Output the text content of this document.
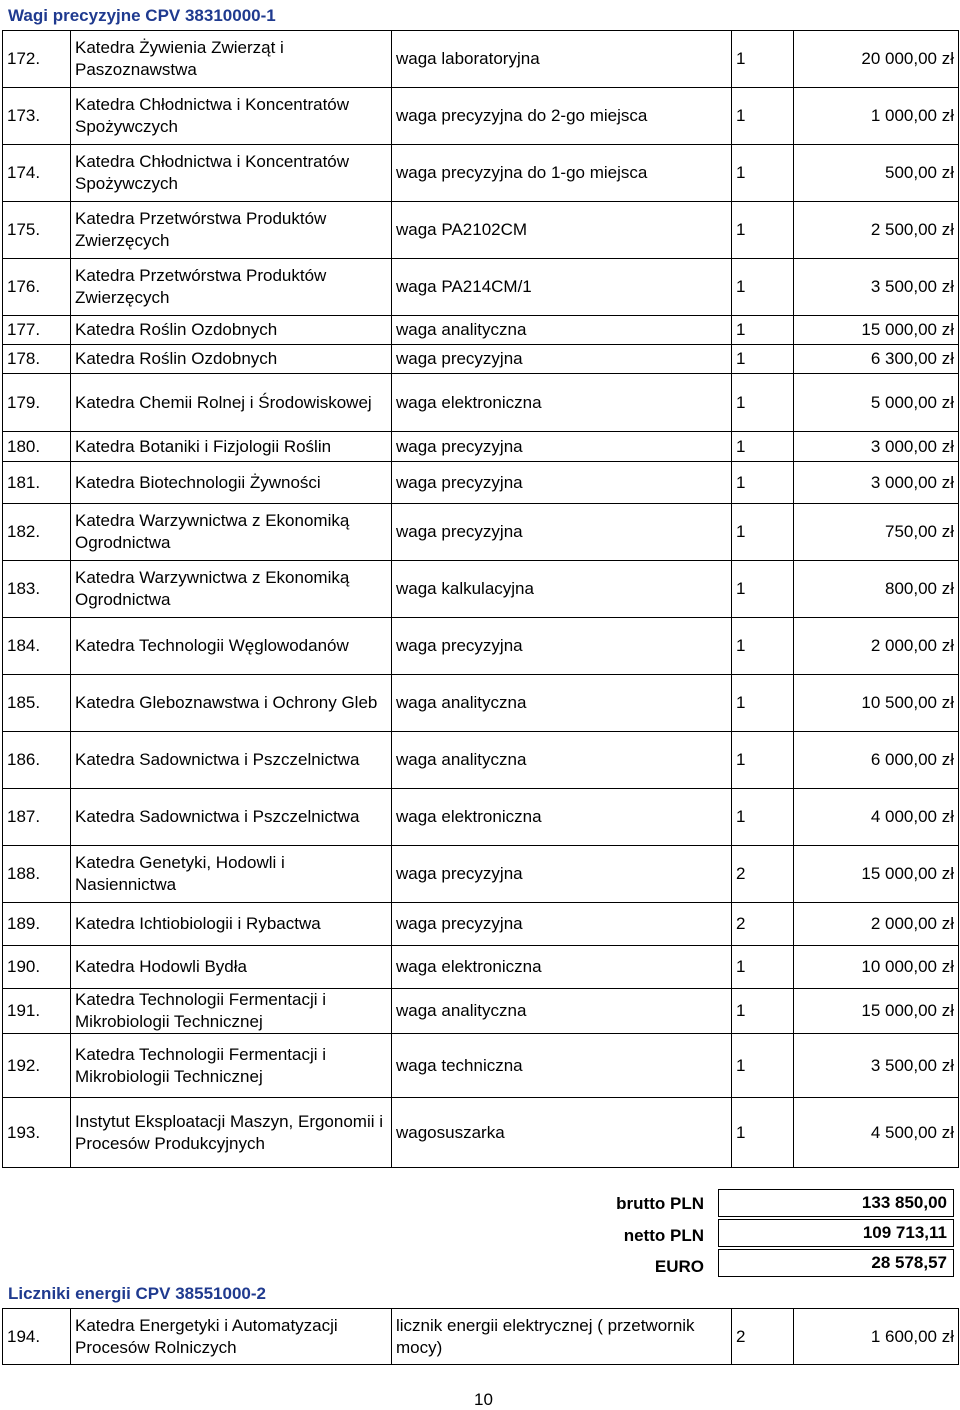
Wagi precyzyjne CPV 38310000-1
172.	Katedra Żywienia Zwierząt i Paszoznawstwa	waga laboratoryjna	1	20 000,00 zł
173.	Katedra Chłodnictwa i Koncentratów Spożywczych	waga precyzyjna do 2-go miejsca	1	1 000,00 zł
174.	Katedra Chłodnictwa i Koncentratów Spożywczych	waga precyzyjna do 1-go miejsca	1	500,00 zł
175.	Katedra Przetwórstwa Produktów Zwierzęcych	waga PA2102CM	1	2 500,00 zł
176.	Katedra Przetwórstwa Produktów Zwierzęcych	waga PA214CM/1	1	3 500,00 zł
177.	Katedra Roślin Ozdobnych	waga analityczna	1	15 000,00 zł
178.	Katedra Roślin Ozdobnych	waga precyzyjna	1	6 300,00 zł
179.	Katedra Chemii Rolnej i Środowiskowej	waga elektroniczna	1	5 000,00 zł
180.	Katedra Botaniki i Fizjologii Roślin	waga precyzyjna	1	3 000,00 zł
181.	Katedra Biotechnologii Żywności	waga precyzyjna	1	3 000,00 zł
182.	Katedra Warzywnictwa z Ekonomiką Ogrodnictwa	waga precyzyjna	1	750,00 zł
183.	Katedra Warzywnictwa z Ekonomiką Ogrodnictwa	waga kalkulacyjna	1	800,00 zł
184.	Katedra Technologii Węglowodanów	waga precyzyjna	1	2 000,00 zł
185.	Katedra Gleboznawstwa i Ochrony Gleb	waga analityczna	1	10 500,00 zł
186.	Katedra Sadownictwa i Pszczelnictwa	waga analityczna	1	6 000,00 zł
187.	Katedra Sadownictwa i Pszczelnictwa	waga elektroniczna	1	4 000,00 zł
188.	Katedra Genetyki, Hodowli i Nasiennictwa	waga precyzyjna	2	15 000,00 zł
189.	Katedra Ichtiobiologii i Rybactwa	waga precyzyjna	2	2 000,00 zł
190.	Katedra Hodowli Bydła	waga elektroniczna	1	10 000,00 zł
191.	Katedra Technologii Fermentacji i Mikrobiologii Technicznej	waga analityczna	1	15 000,00 zł
192.	Katedra Technologii Fermentacji i Mikrobiologii Technicznej	waga techniczna	1	3 500,00 zł
193.	Instytut Eksploatacji Maszyn, Ergonomii i Procesów Produkcyjnych	wagosuszarka	1	4 500,00 zł
brutto PLN	133 850,00
netto PLN	109 713,11
EURO	28 578,57
Liczniki energii CPV 38551000-2
194.	Katedra Energetyki i Automatyzacji Procesów Rolniczych	licznik energii elektrycznej ( przetwornik mocy)	2	1 600,00 zł
10
